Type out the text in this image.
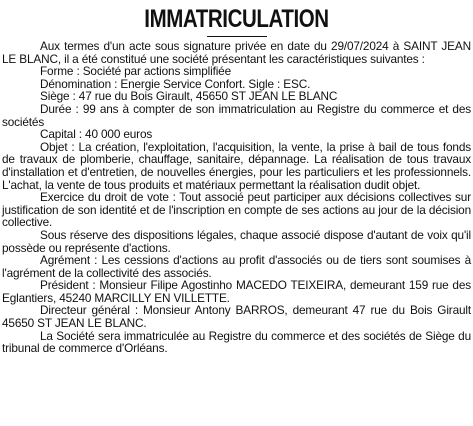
IMMATRICULATION

Aux termes d'un acte sous signature privée en date du 29/07/2024 à SAINT JEAN LE BLANC, il a été constitué une société présentant les caractéristiques suivantes :

Forme : Société par actions simplifiée

Dénomination : Energie Service Confort. Sigle : ESC.

Siège : 47 rue du Bois Girault, 45650 ST JEAN LE BLANC

Durée : 99 ans à compter de son immatriculation au Registre du commerce et des sociétés

Capital : 40 000 euros

Objet : La création, l'exploitation, l'acquisition, la vente, la prise à bail de tous fonds de travaux de plomberie, chauffage, sanitaire, dépannage. La réalisation de tous travaux d'installation et d'entretien, de nouvelles énergies, pour les particuliers et les professionnels. L'achat, la vente de tous produits et matériaux permettant la réalisation dudit objet.

Exercice du droit de vote : Tout associé peut participer aux décisions collectives sur justification de son identité et de l'inscription en compte de ses actions au jour de la décision collective.

Sous réserve des dispositions légales, chaque associé dispose d'autant de voix qu'il possède ou représente d'actions.

Agrément : Les cessions d'actions au profit d'associés ou de tiers sont soumises à l'agrément de la collectivité des associés.

Président : Monsieur Filipe Agostinho MACEDO TEIXEIRA, demeurant 159 rue des Eglantiers, 45240 MARCILLY EN VILLETTE.

Directeur général : Monsieur Antony BARROS, demeurant 47 rue du Bois Girault 45650 ST JEAN LE BLANC.

La Société sera immatriculée au Registre du commerce et des sociétés de Siège du tribunal de commerce d'Orléans.
